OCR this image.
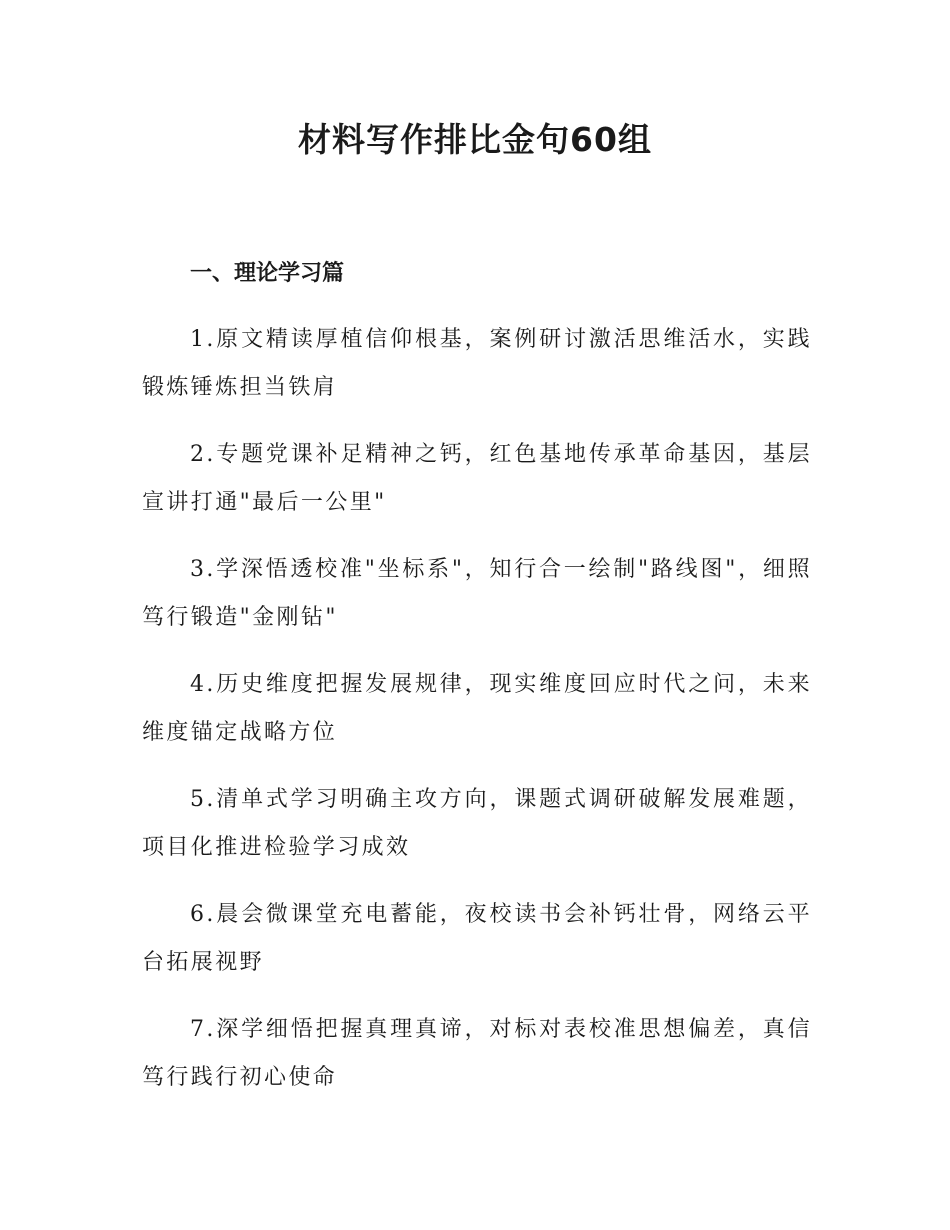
材料写作排比金句60组
一、理论学习篇
1.原文精读厚植信仰根基，案例研讨激活思维活水，实践锻炼锤炼担当铁肩
2.专题党课补足精神之钙，红色基地传承革命基因，基层宣讲打通"最后一公里"
3.学深悟透校准"坐标系"，知行合一绘制"路线图"，细照笃行锻造"金刚钻"
4.历史维度把握发展规律，现实维度回应时代之问，未来维度锚定战略方位
5.清单式学习明确主攻方向，课题式调研破解发展难题，项目化推进检验学习成效
6.晨会微课堂充电蓄能，夜校读书会补钙壮骨，网络云平台拓展视野
7.深学细悟把握真理真谛，对标对表校准思想偏差，真信笃行践行初心使命
